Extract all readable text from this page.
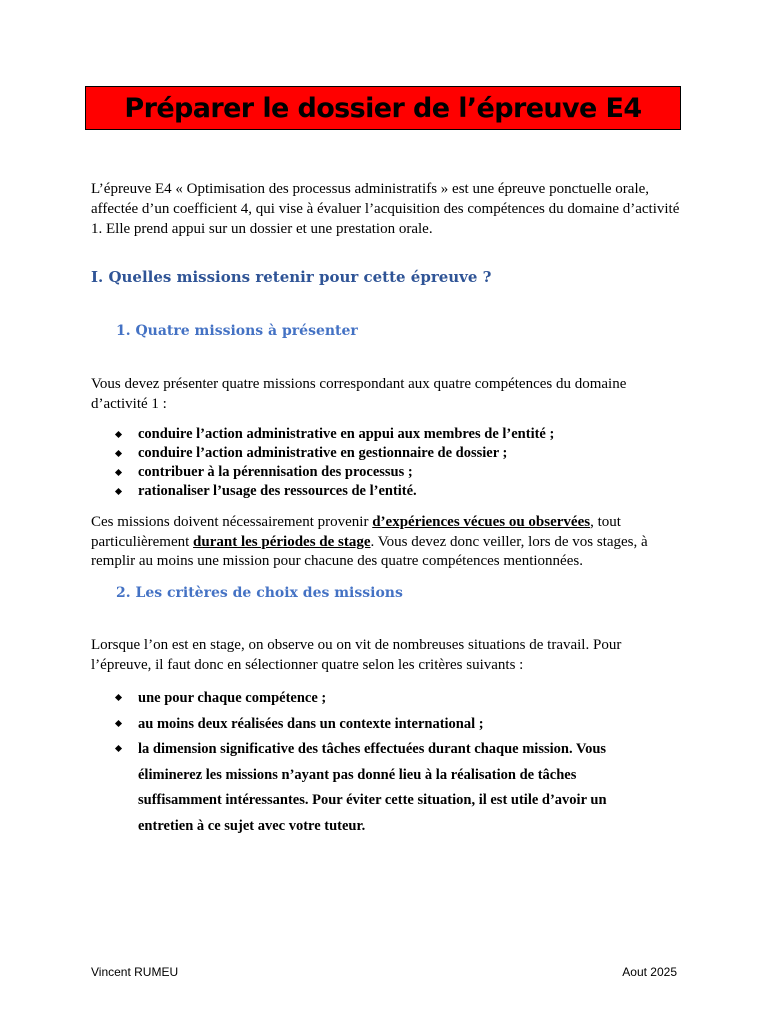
Préparer le dossier de l’épreuve E4

L’épreuve E4 « Optimisation des processus administratifs » est une épreuve ponctuelle orale, affectée d’un coefficient 4, qui vise à évaluer l’acquisition des compétences du domaine d’activité 1. Elle prend appui sur un dossier et une prestation orale.

I. Quelles missions retenir pour cette épreuve ?
1. Quatre missions à présenter

Vous devez présenter quatre missions correspondant aux quatre compétences du domaine d’activité 1 :

conduire l’action administrative en appui aux membres de l’entité ;
conduire l’action administrative en gestionnaire de dossier ;
contribuer à la pérennisation des processus ;
rationaliser l’usage des ressources de l’entité.

Ces missions doivent nécessairement provenir d’expériences vécues ou observées, tout particulièrement durant les périodes de stage. Vous devez donc veiller, lors de vos stages, à remplir au moins une mission pour chacune des quatre compétences mentionnées.

2. Les critères de choix des missions

Lorsque l’on est en stage, on observe ou on vit de nombreuses situations de travail. Pour l’épreuve, il faut donc en sélectionner quatre selon les critères suivants :

une pour chaque compétence ;
au moins deux réalisées dans un contexte international ;
la dimension significative des tâches effectuées durant chaque mission. Vous éliminerez les missions n’ayant pas donné lieu à la réalisation de tâches suffisamment intéressantes. Pour éviter cette situation, il est utile d’avoir un entretien à ce sujet avec votre tuteur.
Vincent RUMEU	Aout 2025
